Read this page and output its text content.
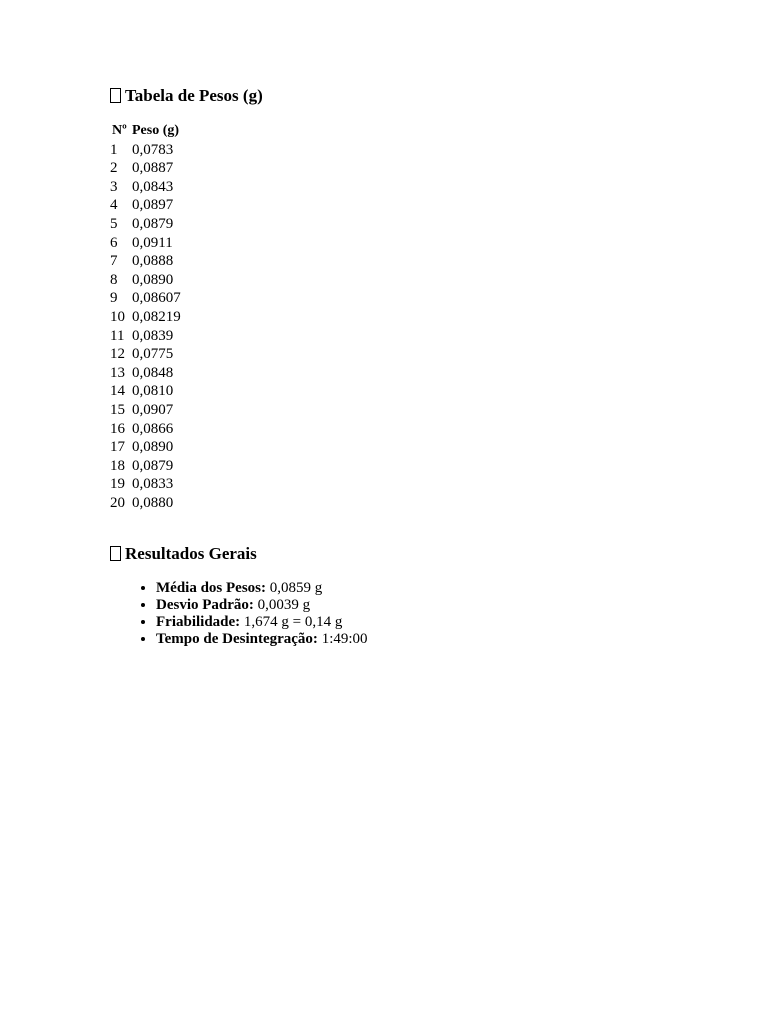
Tabela de Pesos (g)
Nº	Peso (g)
1	0,0783
2	0,0887
3	0,0843
4	0,0897
5	0,0879
6	0,0911
7	0,0888
8	0,0890
9	0,08607
10	0,08219
11	0,0839
12	0,0775
13	0,0848
14	0,0810
15	0,0907
16	0,0866
17	0,0890
18	0,0879
19	0,0833
20	0,0880
Resultados Gerais
• Média dos Pesos: 0,0859 g
• Desvio Padrão: 0,0039 g
• Friabilidade: 1,674 g = 0,14 g
• Tempo de Desintegração: 1:49:00
